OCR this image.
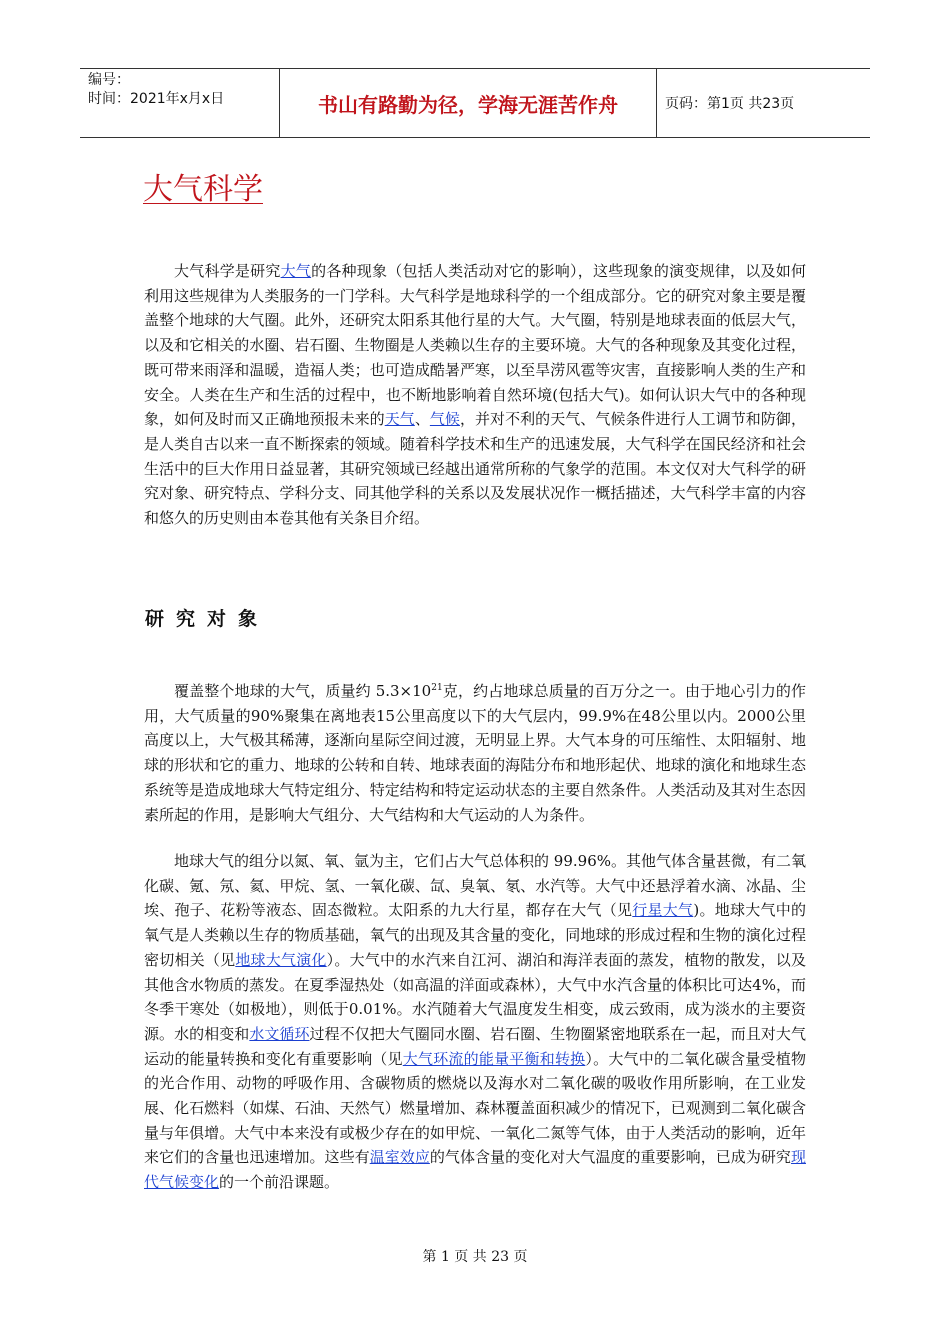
编号：
时间：2021年x月x日	书山有路勤为径，学海无涯苦作舟	页码：第1页 共23页
大气科学

大气科学是研究大气的各种现象（包括人类活动对它的影响），这些现象的演变规律，以及如何利用这些规律为人类服务的一门学科。大气科学是地球科学的一个组成部分。它的研究对象主要是覆盖整个地球的大气圈。此外，还研究太阳系其他行星的大气。大气圈，特别是地球表面的低层大气，以及和它相关的水圈、岩石圈、生物圈是人类赖以生存的主要环境。大气的各种现象及其变化过程，既可带来雨泽和温暖，造福人类；也可造成酷暑严寒，以至旱涝风雹等灾害，直接影响人类的生产和安全。人类在生产和生活的过程中，也不断地影响着自然环境(包括大气)。如何认识大气中的各种现象，如何及时而又正确地预报未来的天气、气候，并对不利的天气、气候条件进行人工调节和防御，是人类自古以来一直不断探索的领域。随着科学技术和生产的迅速发展，大气科学在国民经济和社会生活中的巨大作用日益显著，其研究领域已经越出通常所称的气象学的范围。本文仅对大气科学的研究对象、研究特点、学科分支、同其他学科的关系以及发展状况作一概括描述，大气科学丰富的内容和悠久的历史则由本卷其他有关条目介绍。

研究对象

覆盖整个地球的大气，质量约 $5.3\times 10^{21}$克，约占地球总质量的百万分之一。由于地心引力的作用，大气质量的90%聚集在离地表15公里高度以下的大气层内，99.9%在48公里以内。2000公里高度以上，大气极其稀薄，逐渐向星际空间过渡，无明显上界。大气本身的可压缩性、太阳辐射、地球的形状和它的重力、地球的公转和自转、地球表面的海陆分布和地形起伏、地球的演化和地球生态系统等是造成地球大气特定组分、特定结构和特定运动状态的主要自然条件。人类活动及其对生态因素所起的作用，是影响大气组分、大气结构和大气运动的人为条件。

地球大气的组分以氮、氧、氩为主，它们占大气总体积的 99.96%。其他气体含量甚微，有二氧化碳、氪、氖、氦、甲烷、氢、一氧化碳、氙、臭氧、氡、水汽等。大气中还悬浮着水滴、冰晶、尘埃、孢子、花粉等液态、固态微粒。太阳系的九大行星，都存在大气（见行星大气)。地球大气中的氧气是人类赖以生存的物质基础，氧气的出现及其含量的变化，同地球的形成过程和生物的演化过程密切相关（见地球大气演化）。大气中的水汽来自江河、湖泊和海洋表面的蒸发，植物的散发，以及其他含水物质的蒸发。在夏季湿热处（如高温的洋面或森林），大气中水汽含量的体积比可达4%，而冬季干寒处（如极地），则低于0.01%。水汽随着大气温度发生相变，成云致雨，成为淡水的主要资源。水的相变和水文循环过程不仅把大气圈同水圈、岩石圈、生物圈紧密地联系在一起，而且对大气运动的能量转换和变化有重要影响（见大气环流的能量平衡和转换）。大气中的二氧化碳含量受植物的光合作用、动物的呼吸作用、含碳物质的燃烧以及海水对二氧化碳的吸收作用所影响，在工业发展、化石燃料（如煤、石油、天然气）燃量增加、森林覆盖面积减少的情况下，已观测到二氧化碳含量与年俱增。大气中本来没有或极少存在的如甲烷、一氧化二氮等气体，由于人类活动的影响，近年来它们的含量也迅速增加。这些有温室效应的气体含量的变化对大气温度的重要影响，已成为研究现代气候变化的一个前沿课题。

第 1 页 共 23 页
